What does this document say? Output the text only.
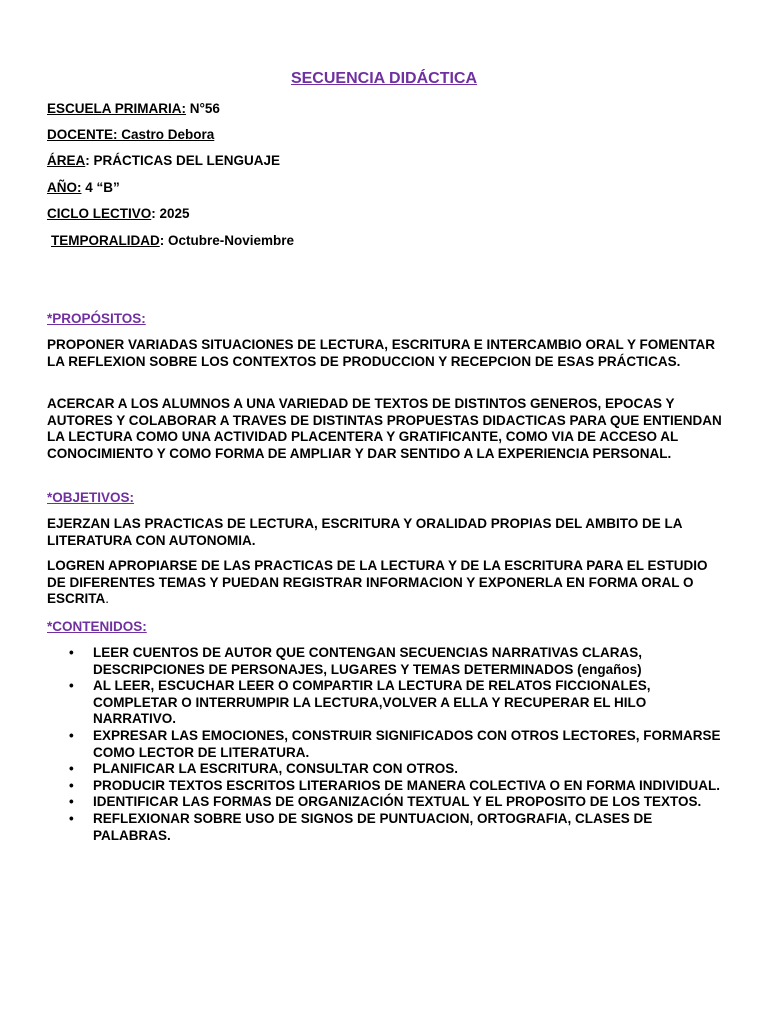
SECUENCIA DIDÁCTICA
ESCUELA PRIMARIA: N°56
DOCENTE: Castro Debora
ÁREA: PRÁCTICAS DEL LENGUAJE
AÑO: 4 “B”
CICLO LECTIVO: 2025
TEMPORALIDAD: Octubre-Noviembre
*PROPÓSITOS:
PROPONER VARIADAS SITUACIONES DE LECTURA, ESCRITURA E INTERCAMBIO ORAL Y FOMENTAR LA REFLEXION SOBRE LOS CONTEXTOS DE PRODUCCION Y RECEPCION DE ESAS PRÁCTICAS.
ACERCAR A LOS ALUMNOS A UNA VARIEDAD DE TEXTOS DE DISTINTOS GENEROS, EPOCAS Y AUTORES Y COLABORAR A TRAVES DE DISTINTAS PROPUESTAS DIDACTICAS PARA QUE ENTIENDAN LA LECTURA COMO UNA ACTIVIDAD PLACENTERA Y GRATIFICANTE, COMO VIA DE ACCESO AL CONOCIMIENTO Y COMO FORMA DE AMPLIAR Y DAR SENTIDO A LA EXPERIENCIA PERSONAL.
*OBJETIVOS:
EJERZAN LAS PRACTICAS DE LECTURA, ESCRITURA Y ORALIDAD PROPIAS DEL AMBITO DE LA LITERATURA CON AUTONOMIA.
LOGREN APROPIARSE DE LAS PRACTICAS DE LA LECTURA Y DE LA ESCRITURA PARA EL ESTUDIO DE DIFERENTES TEMAS Y PUEDAN REGISTRAR INFORMACION Y EXPONERLA EN FORMA ORAL O ESCRITA.
*CONTENIDOS:
• LEER CUENTOS DE AUTOR QUE CONTENGAN SECUENCIAS NARRATIVAS CLARAS, DESCRIPCIONES DE PERSONAJES, LUGARES Y TEMAS DETERMINADOS (engaños)
• AL LEER, ESCUCHAR LEER O COMPARTIR LA LECTURA DE RELATOS FICCIONALES, COMPLETAR O INTERRUMPIR LA LECTURA,VOLVER A ELLA Y RECUPERAR EL HILO NARRATIVO.
• EXPRESAR LAS EMOCIONES, CONSTRUIR SIGNIFICADOS CON OTROS LECTORES, FORMARSE COMO LECTOR DE LITERATURA.
• PLANIFICAR LA ESCRITURA, CONSULTAR CON OTROS.
• PRODUCIR TEXTOS ESCRITOS LITERARIOS DE MANERA COLECTIVA O EN FORMA INDIVIDUAL.
• IDENTIFICAR LAS FORMAS DE ORGANIZACIÓN TEXTUAL Y EL PROPOSITO DE LOS TEXTOS.
• REFLEXIONAR SOBRE USO DE SIGNOS DE PUNTUACION, ORTOGRAFIA, CLASES DE PALABRAS.
